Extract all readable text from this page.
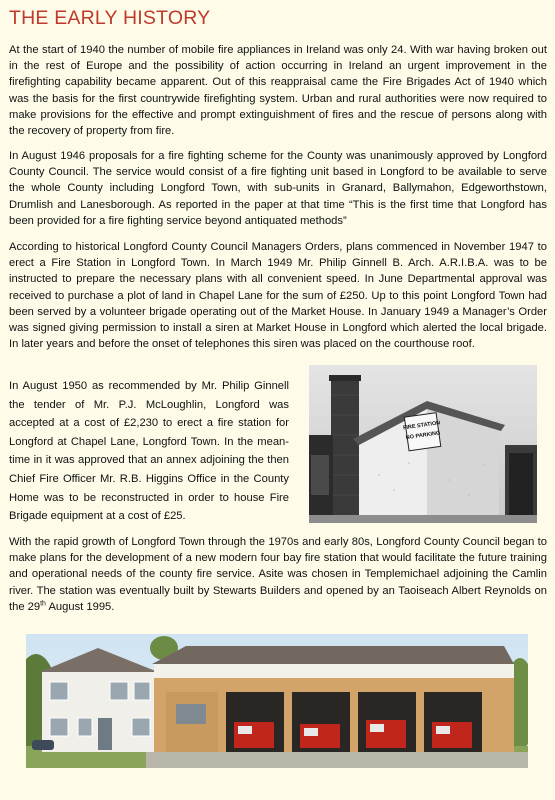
THE EARLY HISTORY

At the start of 1940 the number of mobile fire appliances in Ireland was only 24. With war having broken out in the rest of Europe and the possibility of action occurring in Ireland an urgent improvement in the firefighting capability became apparent. Out of this reappraisal came the Fire Brigades Act of 1940 which was the basis for the first countrywide firefighting system. Urban and rural authorities were now required to make provisions for the effective and prompt extinguishment of fires and the rescue of persons along with the recovery of property from fire.

In August 1946 proposals for a fire fighting scheme for the County was unanimously approved by Longford County Council. The service would consist of a fire fighting unit based in Longford to be available to serve the whole County including Longford Town, with sub-units in Granard, Ballymahon, Edgeworthstown, Drumlish and Lanesborough. As reported in the paper at that time “This is the first time that Longford has been provided for a fire fighting service beyond antiquated methods”

According to historical Longford County Council Managers Orders, plans commenced in November 1947 to erect a Fire Station in Longford Town. In March 1949 Mr. Philip Ginnell B. Arch. A.R.I.B.A. was to be instructed to prepare the necessary plans with all convenient speed. In June Departmental approval was received to purchase a plot of land in Chapel Lane for the sum of £250. Up to this point Longford Town had been served by a volunteer brigade operating out of the Market House. In January 1949 a Manager’s Order was signed giving permission to install a siren at Market House in Longford which alerted the local brigade. In later years and before the onset of telephones this siren was placed on the courthouse roof.

In August 1950 as recommended by Mr. Philip Ginnell the tender of Mr. P.J. McLoughlin, Longford was accepted at a cost of £2,230 to erect a fire station for Longford at Chapel Lane, Longford Town. In the mean-time in it was approved that an annex adjoining the then Chief Fire Officer Mr. R.B. Higgins Office in the County Home was to be reconstructed in order to house Fire Brigade equipment at a cost of £25.

FIRE STATION
NO PARKING

With the rapid growth of Longford Town through the 1970s and early 80s, Longford County Council began to make plans for the development of a new modern four bay fire station that would facilitate the future training and operational needs of the county fire service. Asite was chosen in Templemichael adjoining the Camlin river. The station was eventually built by Stewarts Builders and opened by an Taoiseach Albert Reynolds on the 29th August 1995.
